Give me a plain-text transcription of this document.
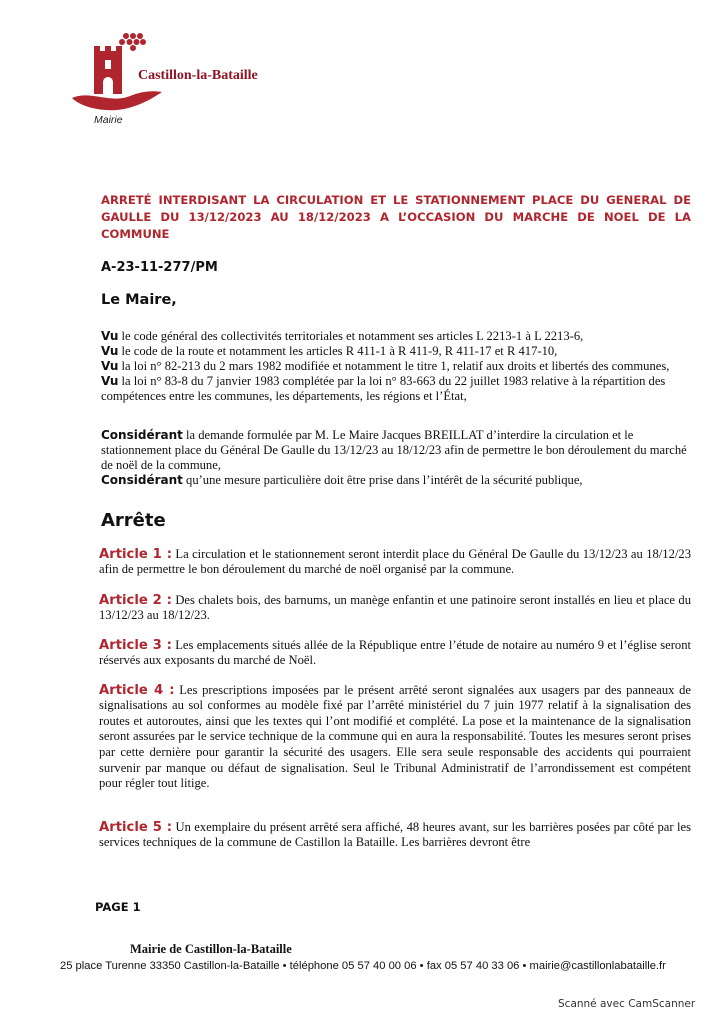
Castillon-la-Bataille
Mairie

ARRETÉ INTERDISANT LA CIRCULATION ET LE STATIONNEMENT PLACE DU GENERAL DE GAULLE DU 13/12/2023 AU 18/12/2023 A L’OCCASION DU MARCHE DE NOEL DE LA COMMUNE

A-23-11-277/PM
Le Maire,

Vu le code général des collectivités territoriales et notamment ses articles L 2213-1 à L 2213-6,

Vu le code de la route et notamment les articles R 411-1 à R 411-9, R 411-17 et R 417-10,

Vu la loi n° 82-213 du 2 mars 1982 modifiée et notamment le titre 1, relatif aux droits et libertés des communes,

Vu la loi n° 83-8 du 7 janvier 1983 complétée par la loi n° 83-663 du 22 juillet 1983 relative à la répartition des compétences entre les communes, les départements, les régions et l’État,

Considérant la demande formulée par M. Le Maire Jacques BREILLAT d’interdire la circulation et le stationnement place du Général De Gaulle du 13/12/23 au 18/12/23 afin de permettre le bon déroulement du marché de noël de la commune,

Considérant qu’une mesure particulière doit être prise dans l’intérêt de la sécurité publique,

Arrête

Article 1 : La circulation et le stationnement seront interdit place du Général De Gaulle du 13/12/23 au 18/12/23 afin de permettre le bon déroulement du marché de noël organisé par la commune.

Article 2 : Des chalets bois, des barnums, un manège enfantin et une patinoire seront installés en lieu et place du 13/12/23 au 18/12/23.

Article 3 : Les emplacements situés allée de la République entre l’étude de notaire au numéro 9 et l’église seront réservés aux exposants du marché de Noël.

Article 4 : Les prescriptions imposées par le présent arrêté seront signalées aux usagers par des panneaux de signalisations au sol conformes au modèle fixé par l’arrêté ministériel du 7 juin 1977 relatif à la signalisation des routes et autoroutes, ainsi que les textes qui l’ont modifié et complété. La pose et la maintenance de la signalisation seront assurées par le service technique de la commune qui en aura la responsabilité. Toutes les mesures seront prises par cette dernière pour garantir la sécurité des usagers. Elle sera seule responsable des accidents qui pourraient survenir par manque ou défaut de signalisation. Seul le Tribunal Administratif de l’arrondissement est compétent pour régler tout litige.

Article 5 : Un exemplaire du présent arrêté sera affiché, 48 heures avant, sur les barrières posées par côté par les services techniques de la commune de Castillon la Bataille. Les barrières devront être

PAGE 1
Mairie de Castillon-la-Bataille
25 place Turenne 33350 Castillon-la-Bataille • téléphone 05 57 40 00 06 • fax 05 57 40 33 06 • mairie@castillonlabataille.fr
Scanné avec CamScanner
